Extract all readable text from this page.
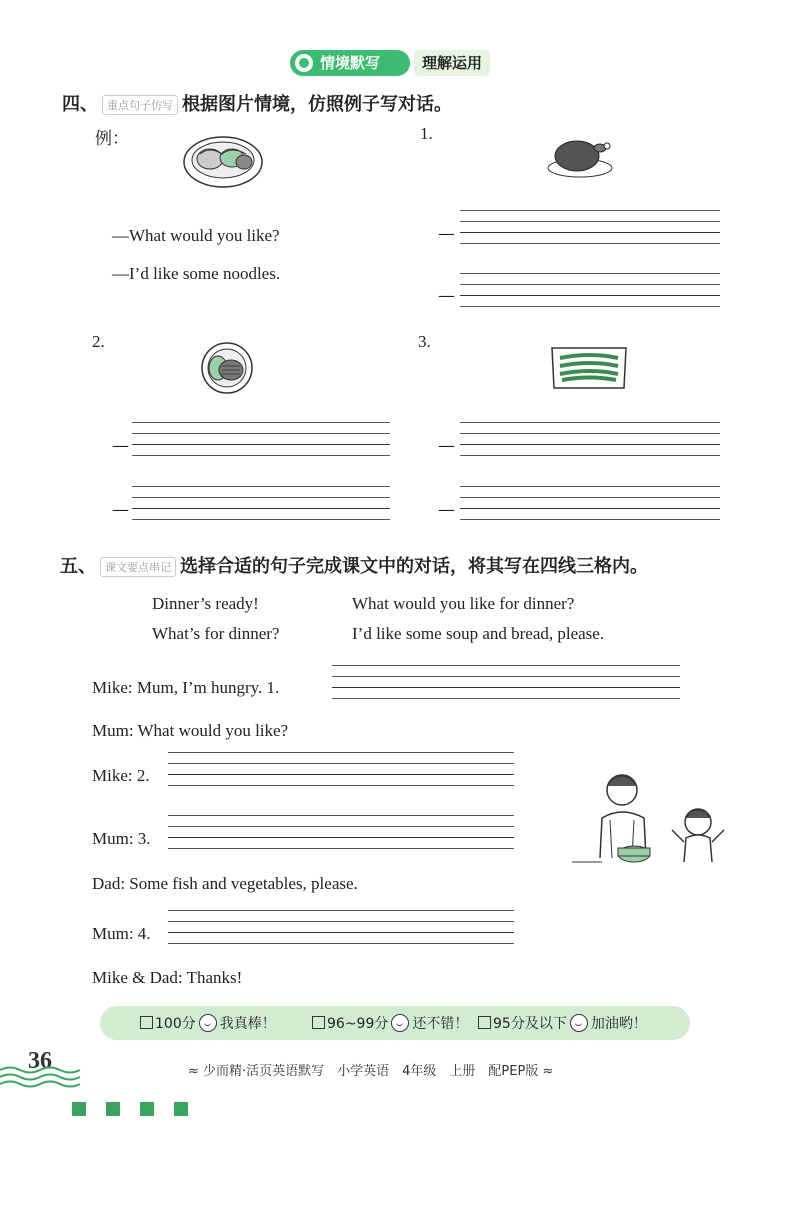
情境默写	理解运用
四、 重点句子仿写 根据图片情境，仿照例子写对话。
例：
—What would you like?
—I’d like some noodles.
1.
—
—
2.
—
—
3.
—
—
五、 课文要点串记 选择合适的句子完成课文中的对话，将其写在四线三格内。
Dinner’s ready!	What would you like for dinner?
What’s for dinner?	I’d like some soup and bread, please.
Mike: Mum, I’m hungry. 1.
Mum: What would you like?
Mike: 2.
Mum: 3.
Dad: Some fish and vegetables, please.
Mum: 4.
Mike & Dad: Thanks!
100分 我真棒！	96~99分 还不错！	95分及以下 加油哟！
36	≈ 少而精·活页英语默写　小学英语　4年级　上册　配PEP版 ≈
